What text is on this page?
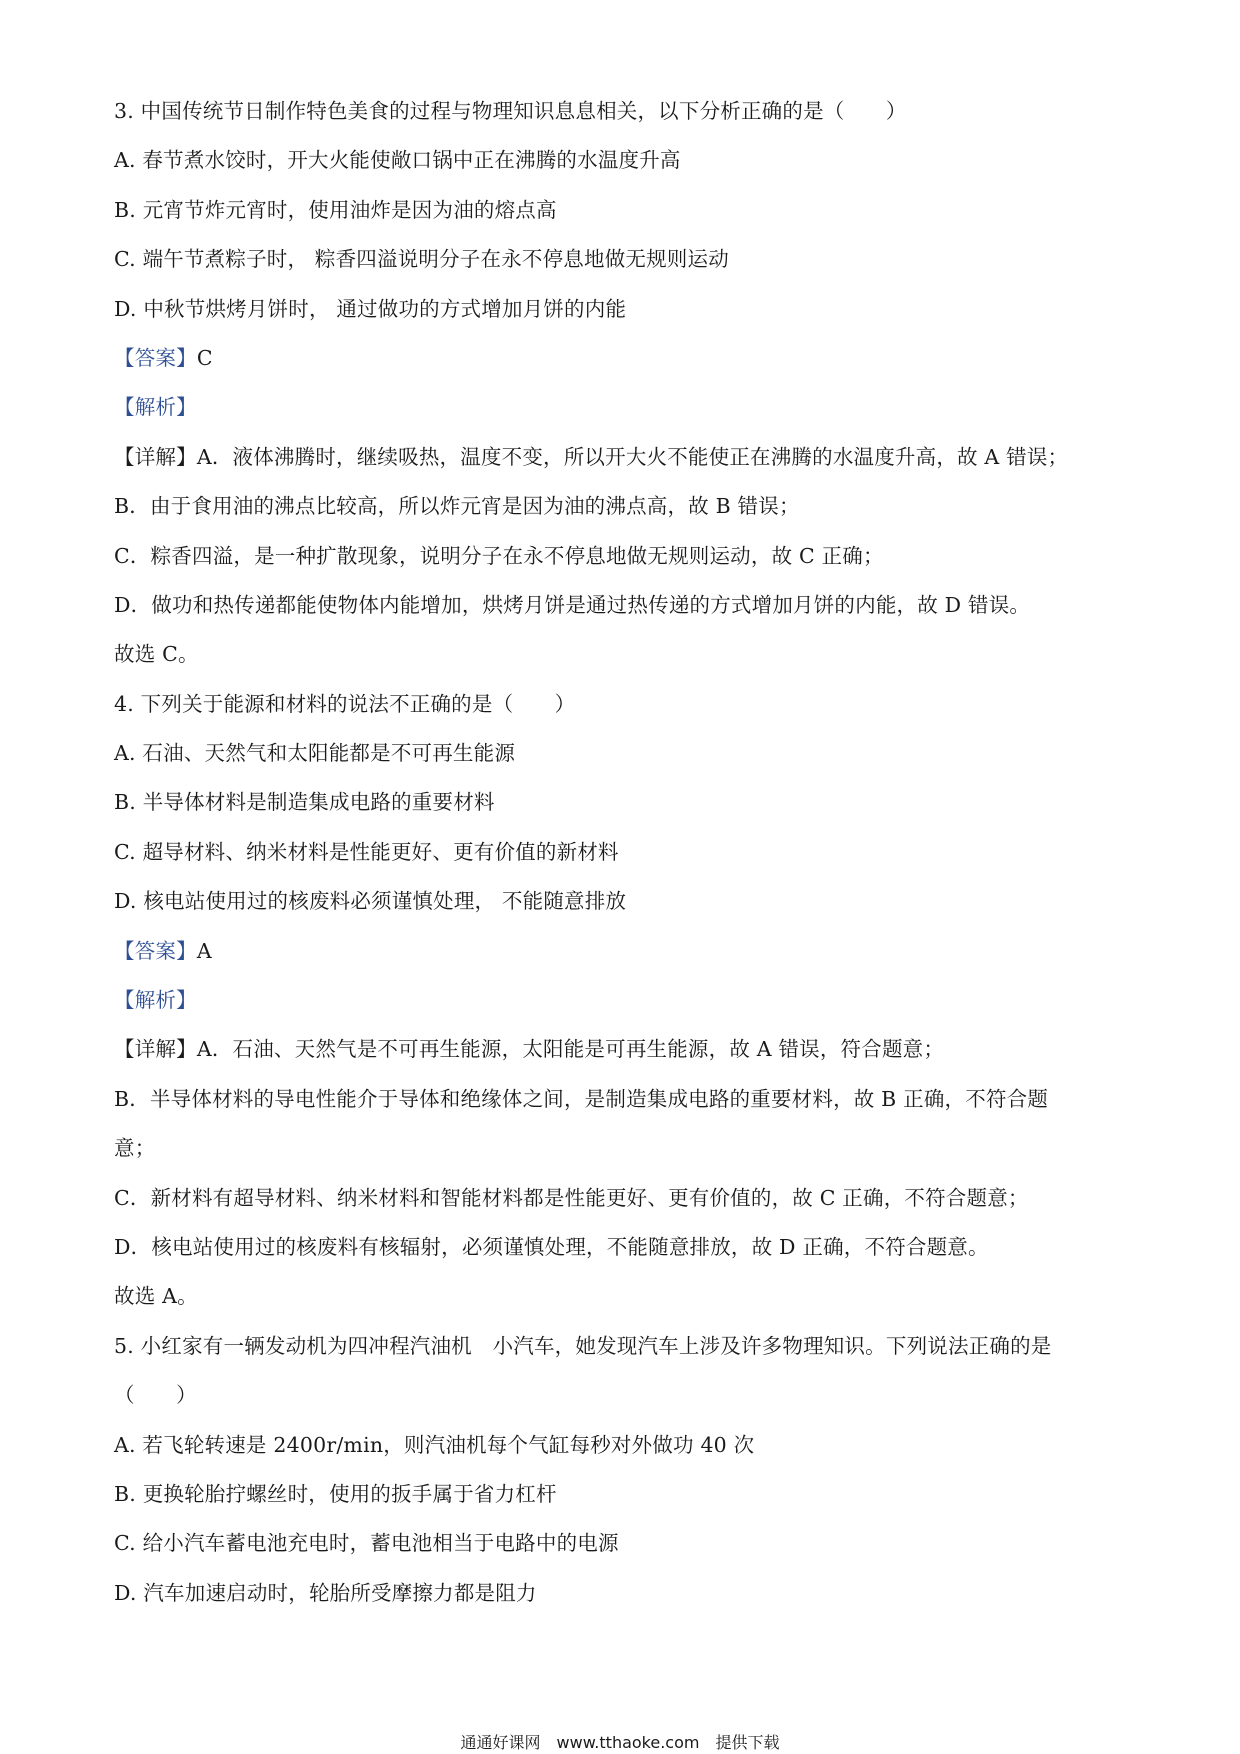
3. 中国传统节日制作特色美食的过程与物理知识息息相关，以下分析正确的是（　　）
A. 春节煮水饺时，开大火能使敞口锅中正在沸腾的水温度升高
B. 元宵节炸元宵时，使用油炸是因为油的熔点高
C. 端午节煮粽子时， 粽香四溢说明分子在永不停息地做无规则运动
D. 中秋节烘烤月饼时， 通过做功的方式增加月饼的内能
【答案】C
【解析】
【详解】A．液体沸腾时，继续吸热，温度不变，所以开大火不能使正在沸腾的水温度升高，故 A 错误；
B．由于食用油的沸点比较高，所以炸元宵是因为油的沸点高，故 B 错误；
C．粽香四溢，是一种扩散现象，说明分子在永不停息地做无规则运动，故 C 正确；
D．做功和热传递都能使物体内能增加，烘烤月饼是通过热传递的方式增加月饼的内能，故 D 错误。
故选 C。
4. 下列关于能源和材料的说法不正确的是（　　）
A. 石油、天然气和太阳能都是不可再生能源
B. 半导体材料是制造集成电路的重要材料
C. 超导材料、纳米材料是性能更好、更有价值的新材料
D. 核电站使用过的核废料必须谨慎处理， 不能随意排放
【答案】A
【解析】
【详解】A．石油、天然气是不可再生能源，太阳能是可再生能源，故 A 错误，符合题意；
B．半导体材料的导电性能介于导体和绝缘体之间，是制造集成电路的重要材料，故 B 正确，不符合题
意；
C．新材料有超导材料、纳米材料和智能材料都是性能更好、更有价值的，故 C 正确，不符合题意；
D．核电站使用过的核废料有核辐射，必须谨慎处理，不能随意排放，故 D 正确，不符合题意。
故选 A。
5. 小红家有一辆发动机为四冲程汽油机　小汽车，她发现汽车上涉及许多物理知识。下列说法正确的是
（　　）
A. 若飞轮转速是 2400r/min，则汽油机每个气缸每秒对外做功 40 次
B. 更换轮胎拧螺丝时，使用的扳手属于省力杠杆
C. 给小汽车蓄电池充电时，蓄电池相当于电路中的电源
D. 汽车加速启动时，轮胎所受摩擦力都是阻力
通通好课网　www.tthaoke.com　提供下载
